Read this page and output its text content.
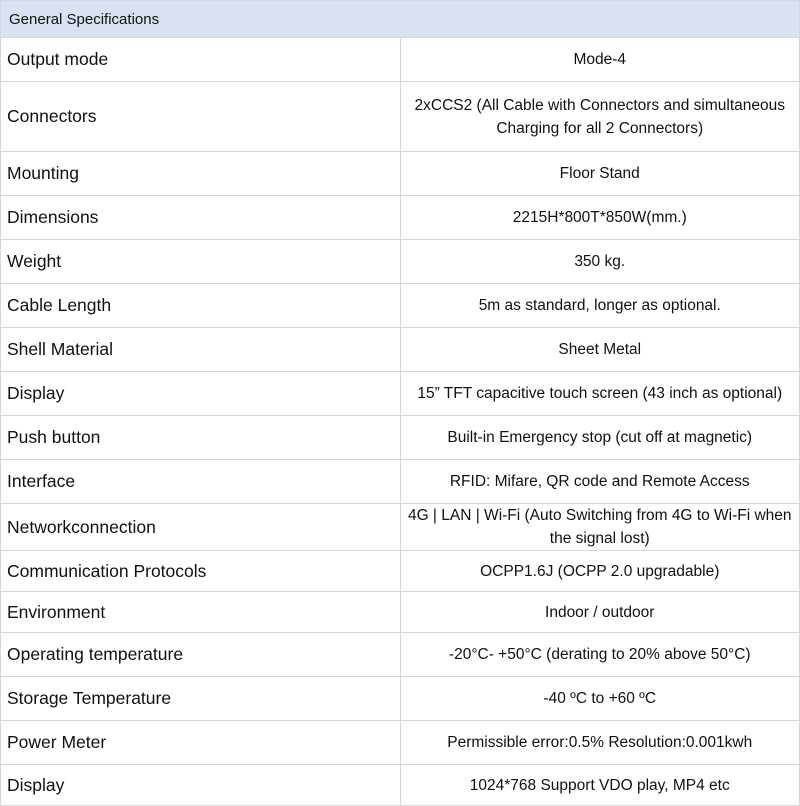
General Specifications	
Output mode	Mode-4
Connectors	2xCCS2 (All Cable with Connectors and simultaneous Charging for all 2 Connectors)
Mounting	Floor Stand
Dimensions	2215H*800T*850W(mm.)
Weight	350 kg.
Cable Length	5m as standard, longer as optional.
Shell Material	Sheet Metal
Display	15” TFT capacitive touch screen (43 inch as optional)
Push button	Built-in Emergency stop (cut off at magnetic)
Interface	RFID: Mifare, QR code and Remote Access
Networkconnection	4G | LAN | Wi-Fi (Auto Switching from 4G to Wi-Fi when the signal lost)
Communication Protocols	OCPP1.6J (OCPP 2.0 upgradable)
Environment	Indoor / outdoor
Operating temperature	-20°C- +50°C (derating to 20% above 50°C)
Storage Temperature	-40 ºC to +60 ºC
Power Meter	Permissible error:0.5% Resolution:0.001kwh
Display	1024*768 Support VDO play, MP4 etc
